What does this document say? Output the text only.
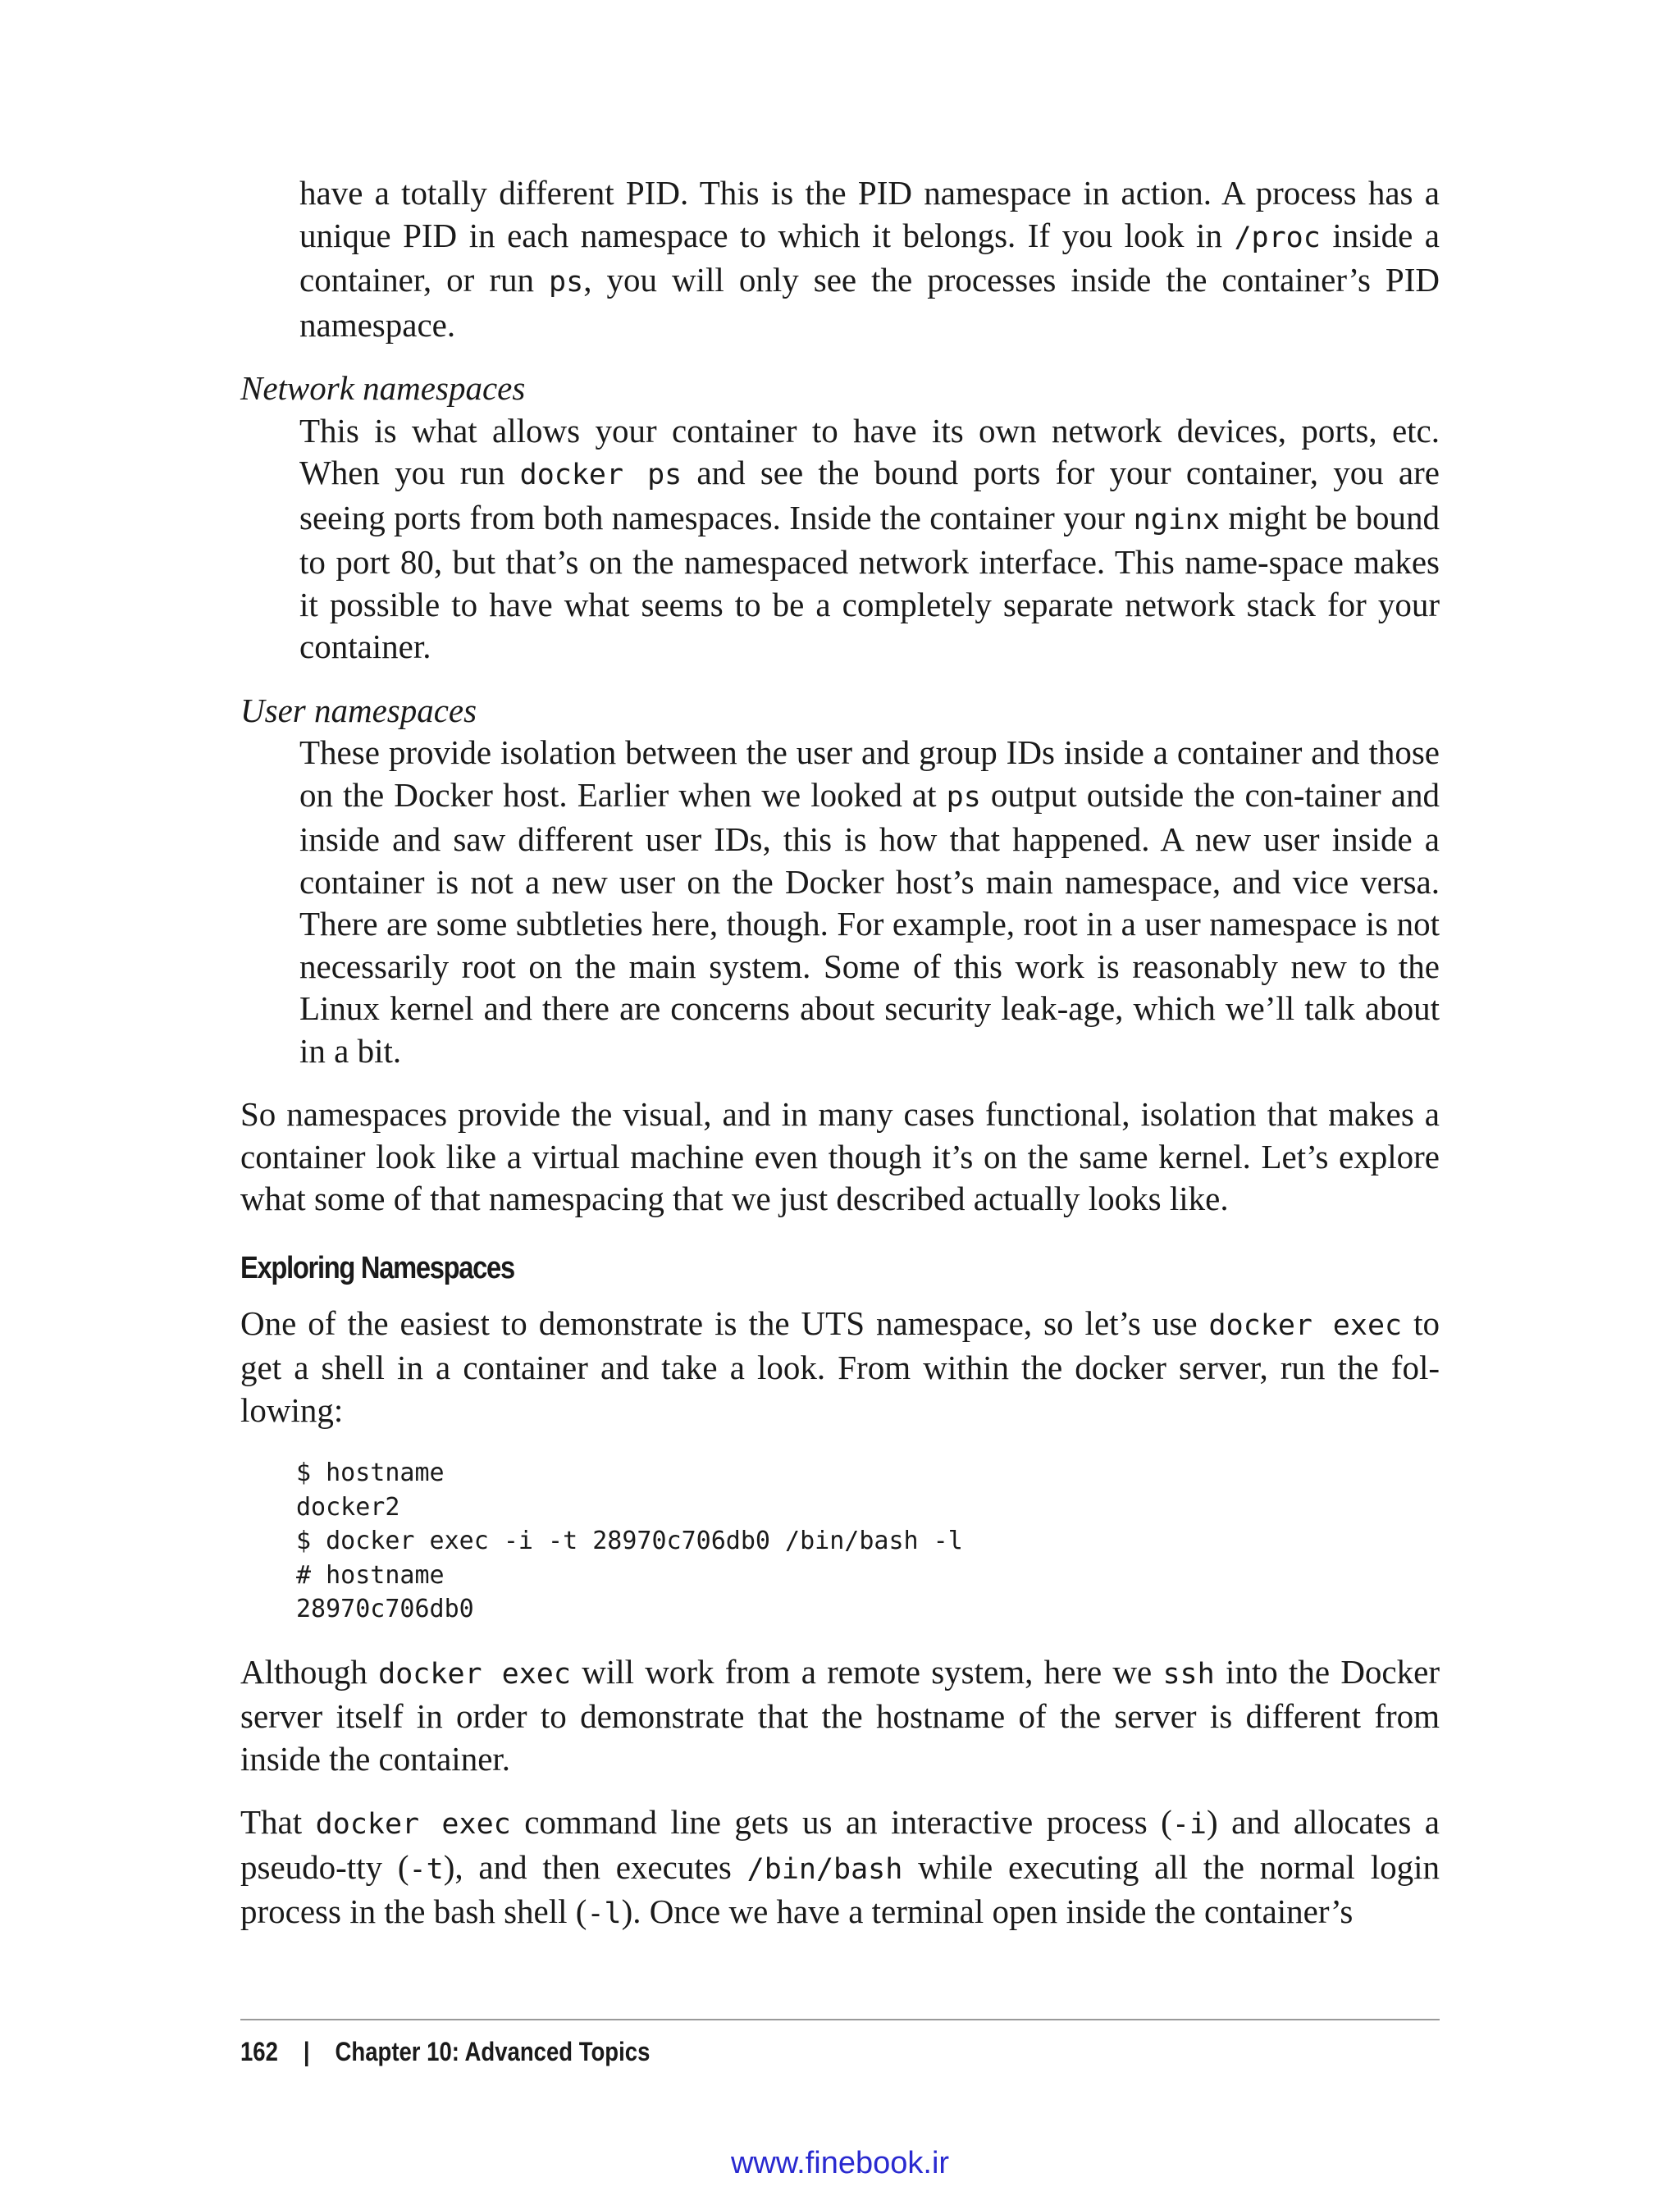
have a totally different PID. This is the PID namespace in action. A process has a unique PID in each namespace to which it belongs. If you look in /proc inside a container, or run ps, you will only see the processes inside the container’s PID namespace.
Network namespaces
This is what allows your container to have its own network devices, ports, etc. When you run docker ps and see the bound ports for your container, you are seeing ports from both namespaces. Inside the container your nginx might be bound to port 80, but that’s on the namespaced network interface. This name-space makes it possible to have what seems to be a completely separate network stack for your container.
User namespaces
These provide isolation between the user and group IDs inside a container and those on the Docker host. Earlier when we looked at ps output outside the con-tainer and inside and saw different user IDs, this is how that happened. A new user inside a container is not a new user on the Docker host’s main namespace, and vice versa. There are some subtleties here, though. For example, root in a user namespace is not necessarily root on the main system. Some of this work is reasonably new to the Linux kernel and there are concerns about security leak-age, which we’ll talk about in a bit.

So namespaces provide the visual, and in many cases functional, isolation that makes a container look like a virtual machine even though it’s on the same kernel. Let’s explore what some of that namespacing that we just described actually looks like.

Exploring Namespaces

One of the easiest to demonstrate is the UTS namespace, so let’s use docker exec to get a shell in a container and take a look. From within the docker server, run the fol-lowing:

$ hostname
docker2
$ docker exec -i -t 28970c706db0 /bin/bash -l
# hostname
28970c706db0

Although docker exec will work from a remote system, here we ssh into the Docker server itself in order to demonstrate that the hostname of the server is different from inside the container.

That docker exec command line gets us an interactive process (-i) and allocates a pseudo-tty (-t), and then executes /bin/bash while executing all the normal login process in the bash shell (-l). Once we have a terminal open inside the container’s

162 | Chapter 10: Advanced Topics
www.finebook.ir
